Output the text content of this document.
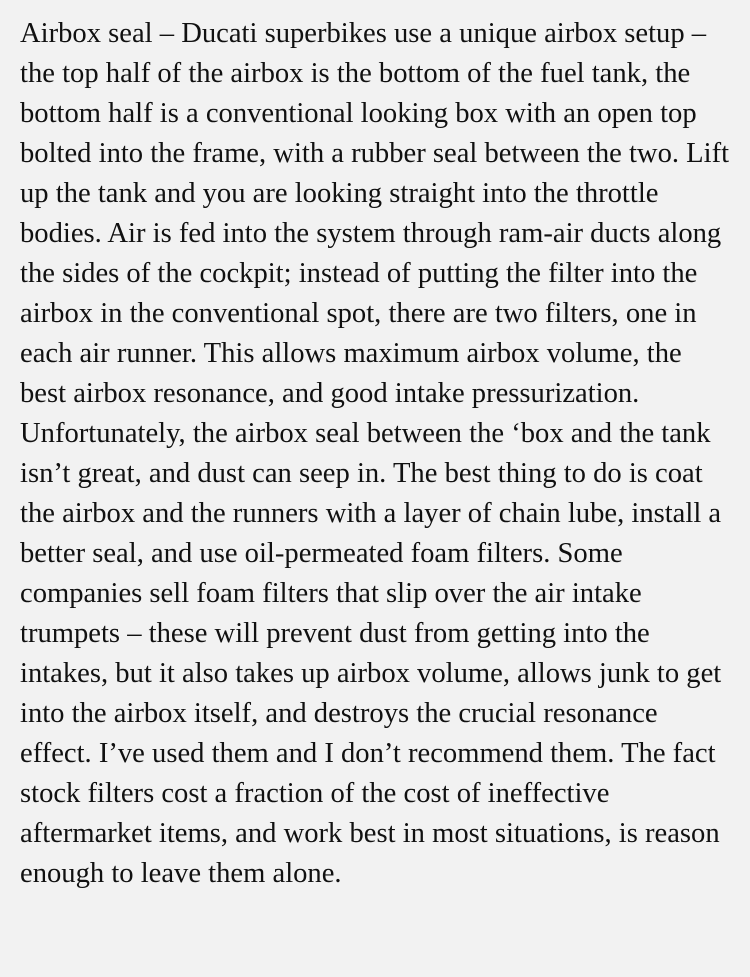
Airbox seal – Ducati superbikes use a unique airbox setup – the top half of the airbox is the bottom of the fuel tank, the bottom half is a conventional looking box with an open top bolted into the frame, with a rubber seal between the two. Lift up the tank and you are looking straight into the throttle bodies. Air is fed into the system through ram-air ducts along the sides of the cockpit; instead of putting the filter into the airbox in the conventional spot, there are two filters, one in each air runner. This allows maximum airbox volume, the best airbox resonance, and good intake pressurization. Unfortunately, the airbox seal between the ‘box and the tank isn’t great, and dust can seep in. The best thing to do is coat the airbox and the runners with a layer of chain lube, install a better seal, and use oil-permeated foam filters. Some companies sell foam filters that slip over the air intake trumpets – these will prevent dust from getting into the intakes, but it also takes up airbox volume, allows junk to get into the airbox itself, and destroys the crucial resonance effect. I’ve used them and I don’t recommend them. The fact stock filters cost a fraction of the cost of ineffective aftermarket items, and work best in most situations, is reason enough to leave them alone.
